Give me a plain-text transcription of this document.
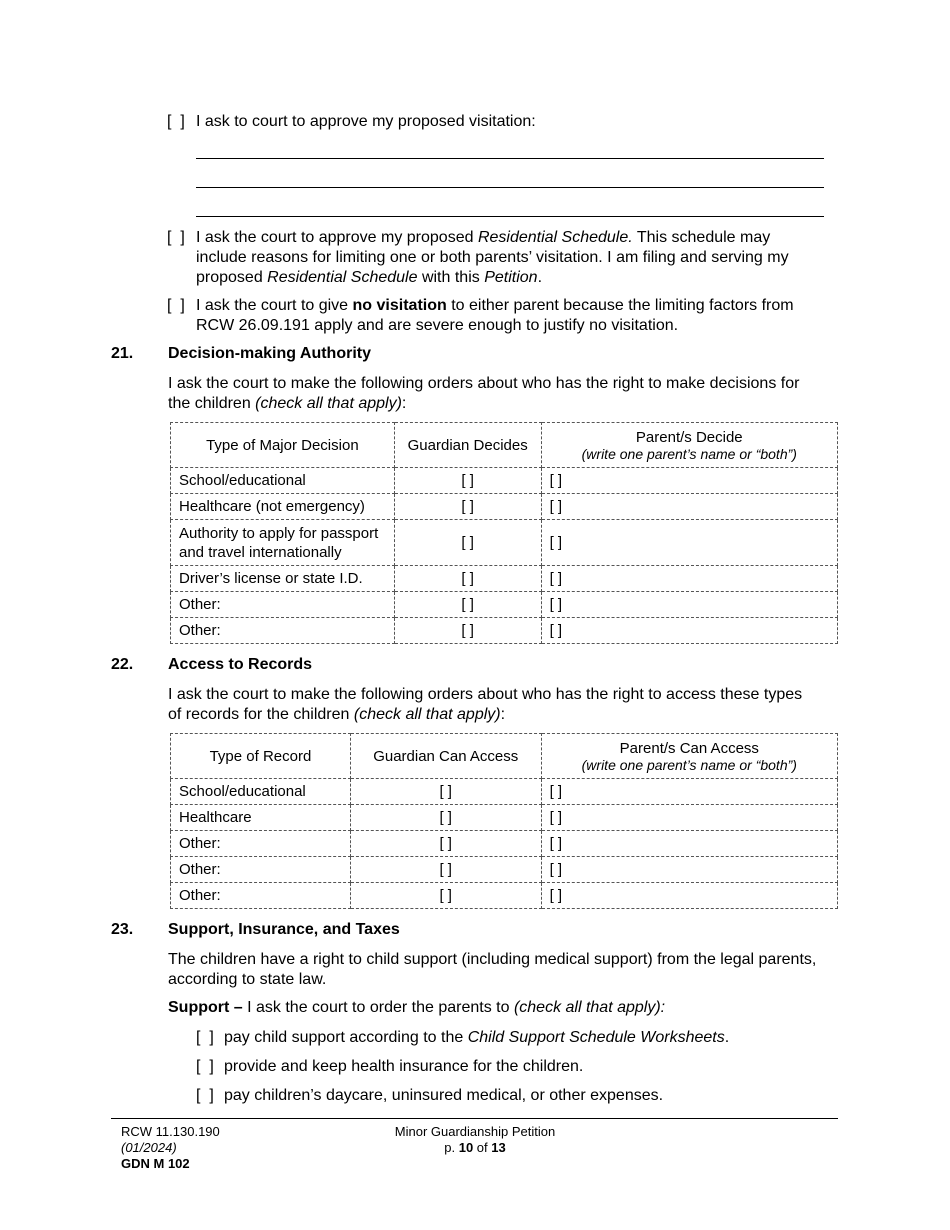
[  ] I ask to court to approve my proposed visitation:
[  ] I ask the court to approve my proposed Residential Schedule. This schedule may
include reasons for limiting one or both parents’ visitation. I am filing and serving my
proposed Residential Schedule with this Petition.
[  ] I ask the court to give no visitation to either parent because the limiting factors from
RCW 26.09.191 apply and are severe enough to justify no visitation.
21. Decision-making Authority
I ask the court to make the following orders about who has the right to make decisions for
the children (check all that apply):
Type of Major Decision	Guardian Decides	Parent/s Decide
(write one parent’s name or “both”)

School/educational	[ ]	[ ]
Healthcare (not emergency)	[ ]	[ ]

Authority to apply for passport
and travel internationally	[ ]	[ ]
Driver’s license or state I.D.	[ ]	[ ]
Other:	[ ]	[ ]
Other:	[ ]	[ ]
22. Access to Records
I ask the court to make the following orders about who has the right to access these types
of records for the children (check all that apply):
Type of Record	Guardian Can Access	Parent/s Can Access
(write one parent’s name or “both”)

School/educational	[ ]	[ ]
Healthcare	[ ]	[ ]
Other:	[ ]	[ ]
Other:	[ ]	[ ]
Other:	[ ]	[ ]
23. Support, Insurance, and Taxes
The children have a right to child support (including medical support) from the legal parents,
according to state law.
Support – I ask the court to order the parents to (check all that apply):
[  ] pay child support according to the Child Support Schedule Worksheets.
[  ] provide and keep health insurance for the children.
[  ] pay children’s daycare, uninsured medical, or other expenses.
RCW 11.130.190
(01/2024)
GDN M 102
Minor Guardianship Petition
p. 10 of 13
